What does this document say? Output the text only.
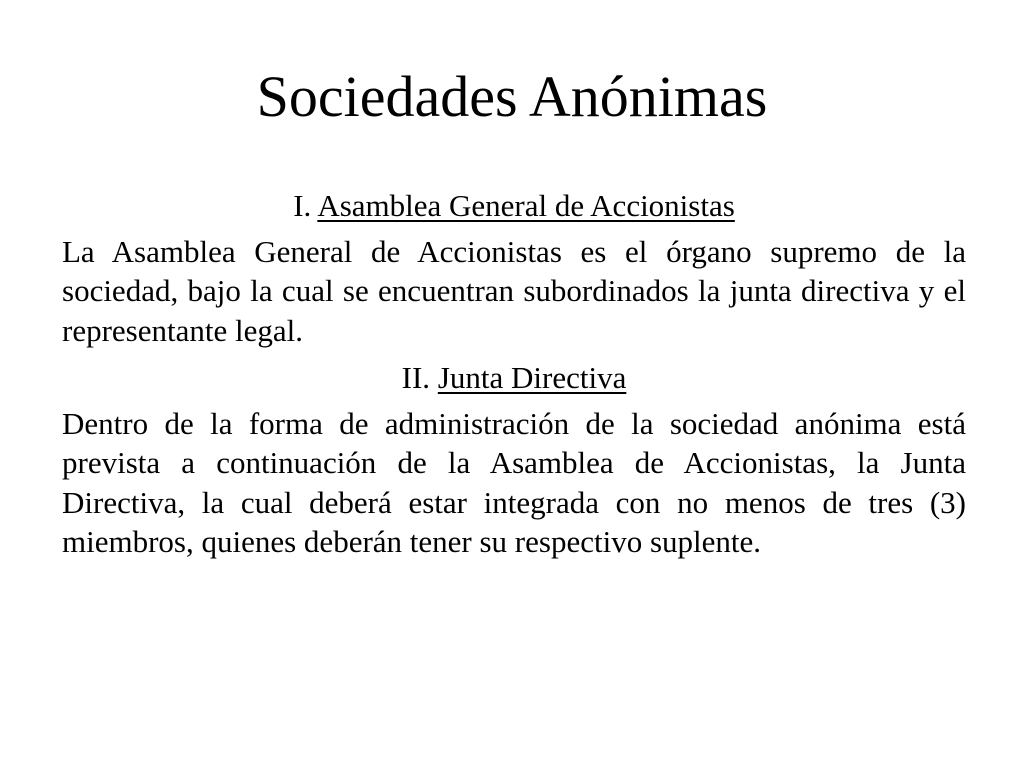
Sociedades Anónimas

I. Asamblea General de Accionistas

La Asamblea General de Accionistas es el órgano supremo de la sociedad, bajo la cual se encuentran subordinados la junta directiva y el representante legal.

II. Junta Directiva

Dentro de la forma de administración de la sociedad anónima está prevista a continuación de la Asamblea de Accionistas, la Junta Directiva, la cual deberá estar integrada con no menos de tres (3) miembros, quienes deberán tener su respectivo suplente.
